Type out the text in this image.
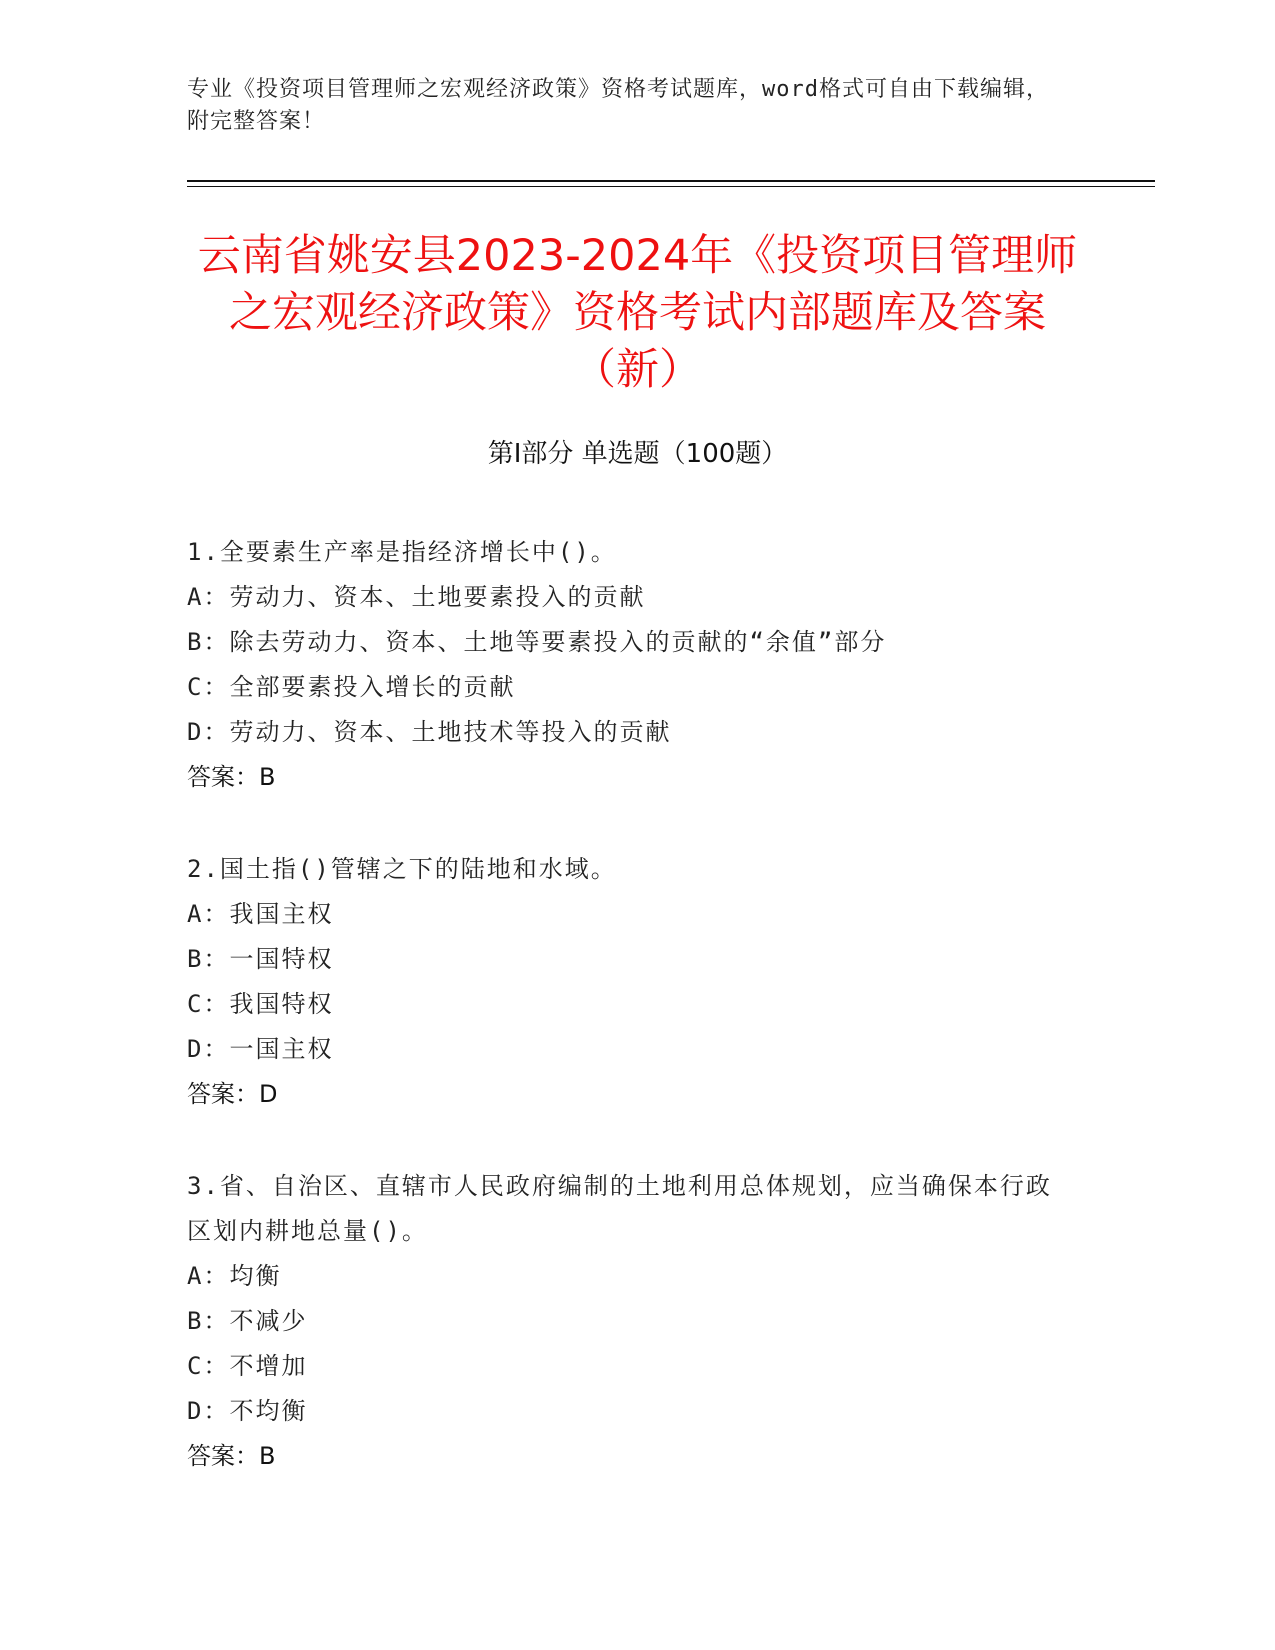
专业《投资项目管理师之宏观经济政策》资格考试题库，word格式可自由下载编辑，附完整答案！
云南省姚安县2023-2024年《投资项目管理师之宏观经济政策》资格考试内部题库及答案（新）
第I部分 单选题（100题）
1.全要素生产率是指经济增长中()。
A：劳动力、资本、土地要素投入的贡献
B：除去劳动力、资本、土地等要素投入的贡献的“余值”部分
C：全部要素投入增长的贡献
D：劳动力、资本、土地技术等投入的贡献
答案：B
2.国土指()管辖之下的陆地和水域。
A：我国主权
B：一国特权
C：我国特权
D：一国主权
答案：D
3.省、自治区、直辖市人民政府编制的土地利用总体规划，应当确保本行政区划内耕地总量()。
A：均衡
B：不减少
C：不增加
D：不均衡
答案：B
